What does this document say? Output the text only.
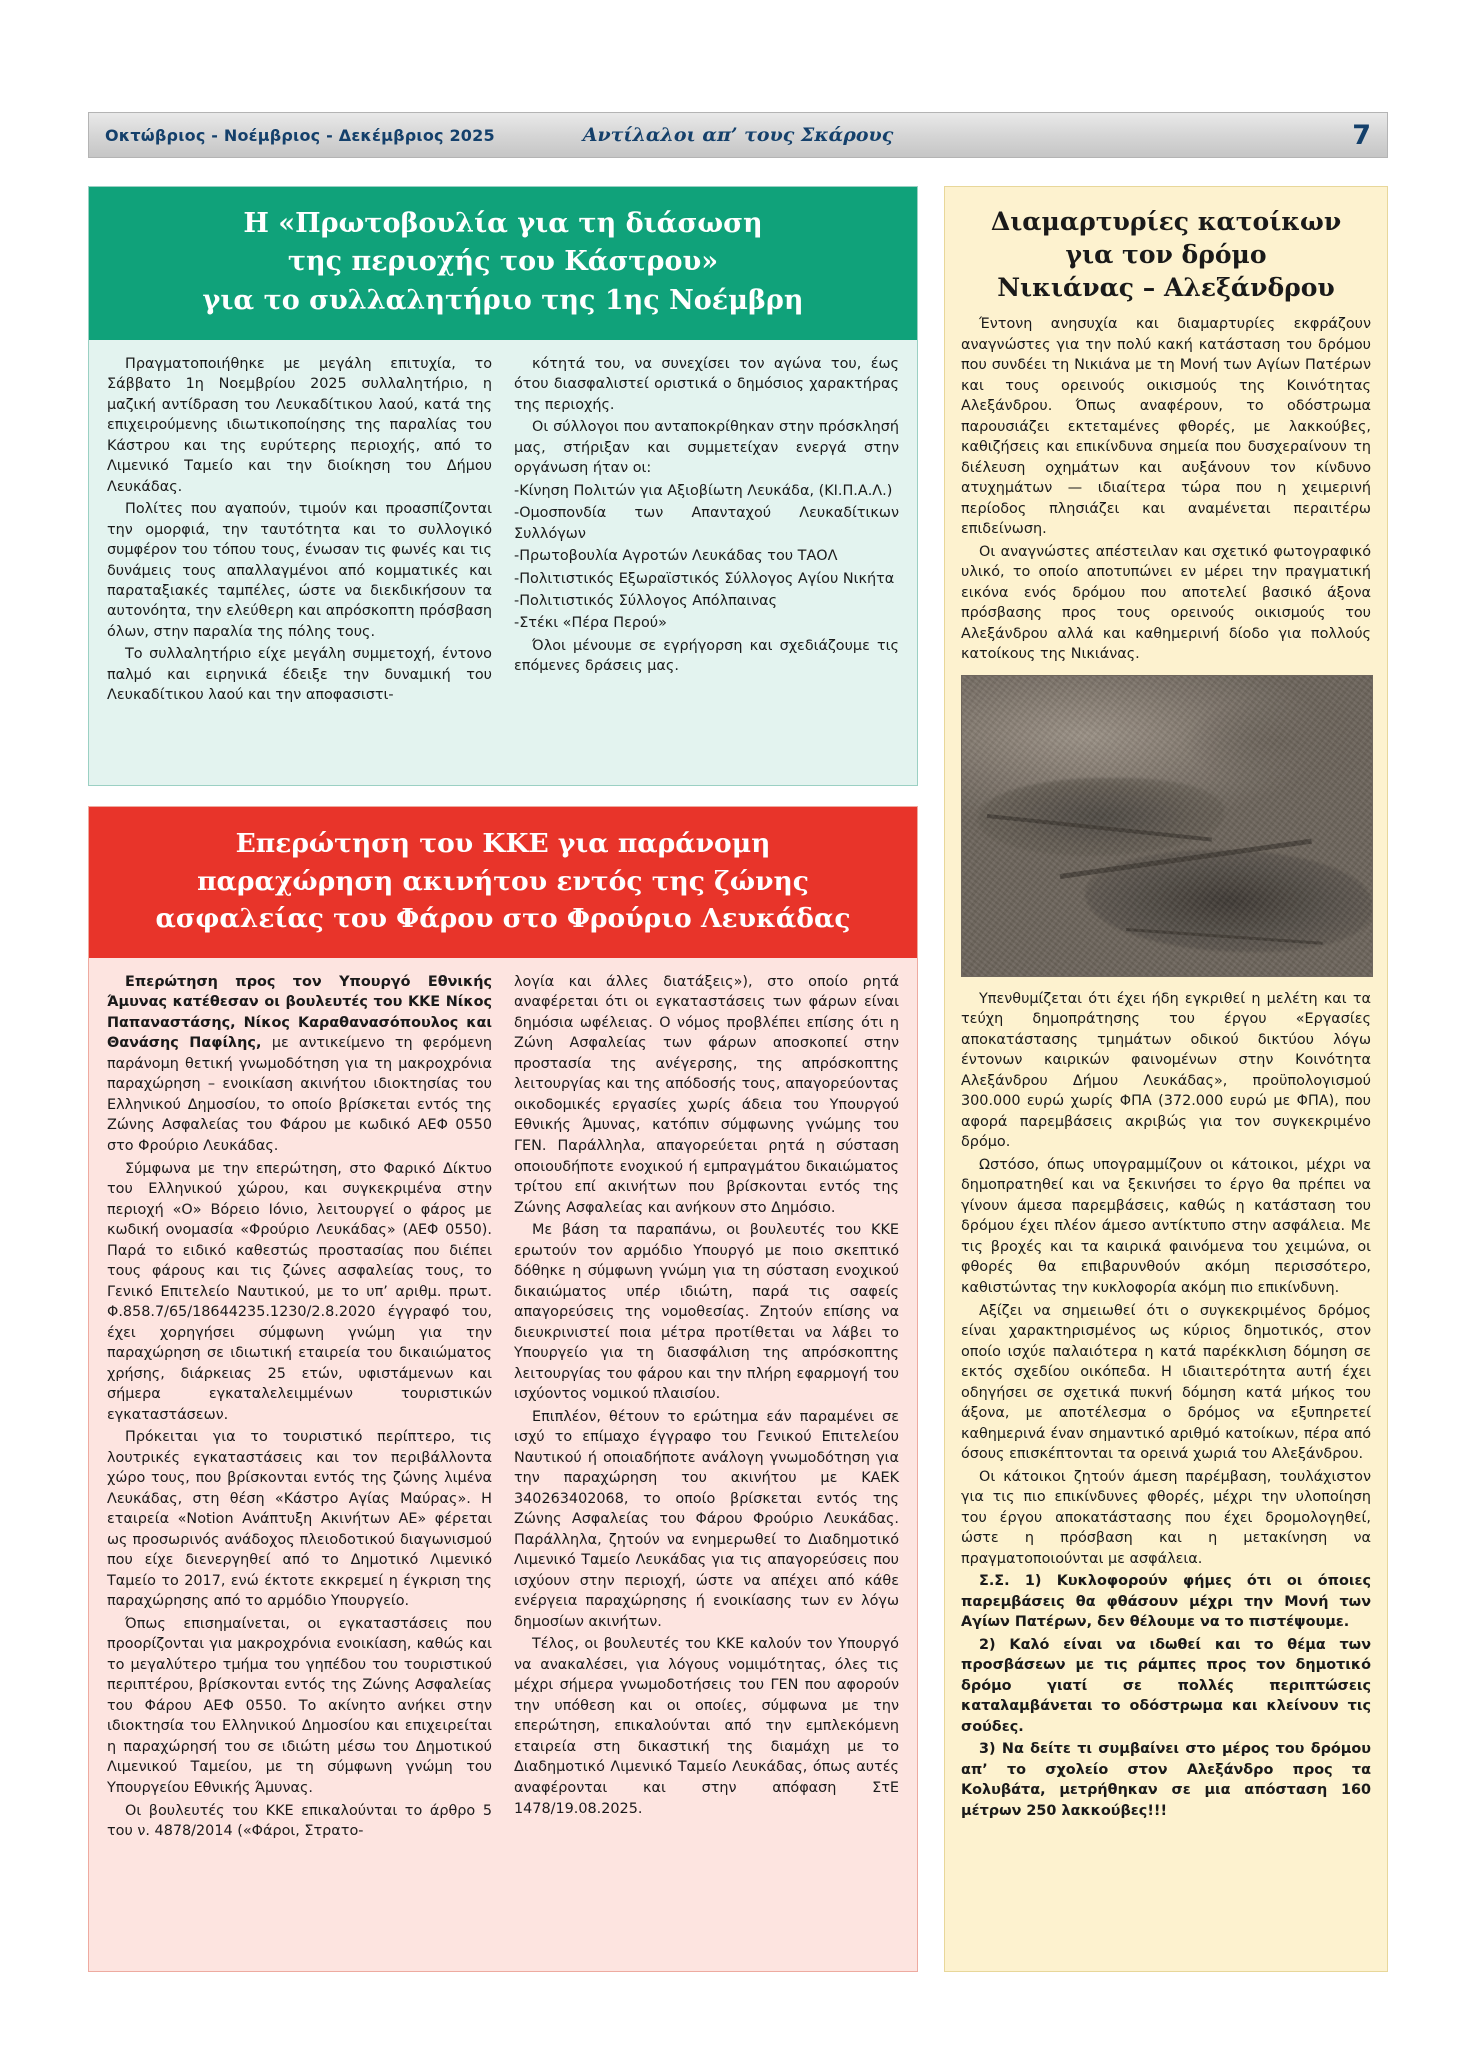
Οκτώβριος - Νοέμβριος - Δεκέμβριος 2025	Αντίλαλοι απ’ τους Σκάρους	7
Η «Πρωτοβουλία για τη διάσωση
της περιοχής του Κάστρου»
για το συλλαλητήριο της 1ης Νοέμβρη

Πραγματοποιήθηκε με μεγάλη επιτυχία, το Σάββατο 1η Νοεμβρίου 2025 συλλαλητήριο, η μαζική αντίδραση του Λευκαδίτικου λαού, κατά της επιχειρούμενης ιδιωτικοποίησης της παραλίας του Κάστρου και της ευρύτερης περιοχής, από το Λιμενικό Ταμείο και την διοίκηση του Δήμου Λευκάδας.

Πολίτες που αγαπούν, τιμούν και προασπίζονται την ομορφιά, την ταυτότητα και το συλλογικό συμφέρον του τόπου τους, ένωσαν τις φωνές και τις δυνάμεις τους απαλλαγμένοι από κομματικές και παραταξιακές ταμπέλες, ώστε να διεκδικήσουν τα αυτονόητα, την ελεύθερη και απρόσκοπτη πρόσβαση όλων, στην παραλία της πόλης τους.

Το συλλαλητήριο είχε μεγάλη συμμετοχή, έντονο παλμό και ειρηνικά έδειξε την δυναμική του Λευκαδίτικου λαού και την αποφασιστι-

κότητά του, να συνεχίσει τον αγώνα του, έως ότου διασφαλιστεί οριστικά ο δημόσιος χαρακτήρας της περιοχής.

Οι σύλλογοι που ανταποκρίθηκαν στην πρόσκλησή μας, στήριξαν και συμμετείχαν ενεργά στην οργάνωση ήταν οι:

-Κίνηση Πολιτών για Αξιοβίωτη Λευκάδα, (ΚΙ.Π.Α.Λ.)

-Ομοσπονδία των Απανταχού Λευκαδίτικων Συλλόγων

-Πρωτοβουλία Αγροτών Λευκάδας του ΤΑΟΛ

-Πολιτιστικός Εξωραϊστικός Σύλλογος Αγίου Νικήτα

-Πολιτιστικός Σύλλογος Απόλπαινας

-Στέκι «Πέρα Περού»

Όλοι μένουμε σε εγρήγορση και σχεδιάζουμε τις επόμενες δράσεις μας.

Επερώτηση του ΚΚΕ για παράνομη
παραχώρηση ακινήτου εντός της ζώνης
ασφαλείας του Φάρου στο Φρούριο Λευκάδας

Επερώτηση προς τον Υπουργό Εθνικής Άμυνας κατέθεσαν οι βουλευτές του ΚΚΕ Νίκος Παπαναστάσης, Νίκος Καραθανασόπουλος και Θανάσης Παφίλης, με αντικείμενο τη φερόμενη παράνομη θετική γνωμοδότηση για τη μακροχρόνια παραχώρηση – ενοικίαση ακινήτου ιδιοκτησίας του Ελληνικού Δημοσίου, το οποίο βρίσκεται εντός της Ζώνης Ασφαλείας του Φάρου με κωδικό ΑΕΦ 0550 στο Φρούριο Λευκάδας.

Σύμφωνα με την επερώτηση, στο Φαρικό Δίκτυο του Ελληνικού χώρου, και συγκεκριμένα στην περιοχή «Ο» Βόρειο Ιόνιο, λειτουργεί ο φάρος με κωδική ονομασία «Φρούριο Λευκάδας» (ΑΕΦ 0550). Παρά το ειδικό καθεστώς προστασίας που διέπει τους φάρους και τις ζώνες ασφαλείας τους, το Γενικό Επιτελείο Ναυτικού, με το υπ’ αριθμ. πρωτ. Φ.858.7/65/18644235.1230/2.8.2020 έγγραφό του, έχει χορηγήσει σύμφωνη γνώμη για την παραχώρηση σε ιδιωτική εταιρεία του δικαιώματος χρήσης, διάρκειας 25 ετών, υφιστάμενων και σήμερα εγκαταλελειμμένων τουριστικών εγκαταστάσεων.

Πρόκειται για το τουριστικό περίπτερο, τις λουτρικές εγκαταστάσεις και τον περιβάλλοντα χώρο τους, που βρίσκονται εντός της ζώνης λιμένα Λευκάδας, στη θέση «Κάστρο Αγίας Μαύρας». Η εταιρεία «Notion Ανάπτυξη Ακινήτων ΑΕ» φέρεται ως προσωρινός ανάδοχος πλειοδοτικού διαγωνισμού που είχε διενεργηθεί από το Δημοτικό Λιμενικό Ταμείο το 2017, ενώ έκτοτε εκκρεμεί η έγκριση της παραχώρησης από το αρμόδιο Υπουργείο.

Όπως επισημαίνεται, οι εγκαταστάσεις που προορίζονται για μακροχρόνια ενοικίαση, καθώς και το μεγαλύτερο τμήμα του γηπέδου του τουριστικού περιπτέρου, βρίσκονται εντός της Ζώνης Ασφαλείας του Φάρου ΑΕΦ 0550. Το ακίνητο ανήκει στην ιδιοκτησία του Ελληνικού Δημοσίου και επιχειρείται η παραχώρησή του σε ιδιώτη μέσω του Δημοτικού Λιμενικού Ταμείου, με τη σύμφωνη γνώμη του Υπουργείου Εθνικής Άμυνας.

Οι βουλευτές του ΚΚΕ επικαλούνται το άρθρο 5 του ν. 4878/2014 («Φάροι, Στρατο-

λογία και άλλες διατάξεις»), στο οποίο ρητά αναφέρεται ότι οι εγκαταστάσεις των φάρων είναι δημόσια ωφέλειας. Ο νόμος προβλέπει επίσης ότι η Ζώνη Ασφαλείας των φάρων αποσκοπεί στην προστασία της ανέγερσης, της απρόσκοπτης λειτουργίας και της απόδοσής τους, απαγορεύοντας οικοδομικές εργασίες χωρίς άδεια του Υπουργού Εθνικής Άμυνας, κατόπιν σύμφωνης γνώμης του ΓΕΝ. Παράλληλα, απαγορεύεται ρητά η σύσταση οποιουδήποτε ενοχικού ή εμπραγμάτου δικαιώματος τρίτου επί ακινήτων που βρίσκονται εντός της Ζώνης Ασφαλείας και ανήκουν στο Δημόσιο.

Με βάση τα παραπάνω, οι βουλευτές του ΚΚΕ ερωτούν τον αρμόδιο Υπουργό με ποιο σκεπτικό δόθηκε η σύμφωνη γνώμη για τη σύσταση ενοχικού δικαιώματος υπέρ ιδιώτη, παρά τις σαφείς απαγορεύσεις της νομοθεσίας. Ζητούν επίσης να διευκρινιστεί ποια μέτρα προτίθεται να λάβει το Υπουργείο για τη διασφάλιση της απρόσκοπτης λειτουργίας του φάρου και την πλήρη εφαρμογή του ισχύοντος νομικού πλαισίου.

Επιπλέον, θέτουν το ερώτημα εάν παραμένει σε ισχύ το επίμαχο έγγραφο του Γενικού Επιτελείου Ναυτικού ή οποιαδήποτε ανάλογη γνωμοδότηση για την παραχώρηση του ακινήτου με ΚΑΕΚ 340263402068, το οποίο βρίσκεται εντός της Ζώνης Ασφαλείας του Φάρου Φρούριο Λευκάδας. Παράλληλα, ζητούν να ενημερωθεί το Διαδημοτικό Λιμενικό Ταμείο Λευκάδας για τις απαγορεύσεις που ισχύουν στην περιοχή, ώστε να απέχει από κάθε ενέργεια παραχώρησης ή ενοικίασης των εν λόγω δημοσίων ακινήτων.

Τέλος, οι βουλευτές του ΚΚΕ καλούν τον Υπουργό να ανακαλέσει, για λόγους νομιμότητας, όλες τις μέχρι σήμερα γνωμοδοτήσεις του ΓΕΝ που αφορούν την υπόθεση και οι οποίες, σύμφωνα με την επερώτηση, επικαλούνται από την εμπλεκόμενη εταιρεία στη δικαστική της διαμάχη με το Διαδημοτικό Λιμενικό Ταμείο Λευκάδας, όπως αυτές αναφέρονται και στην απόφαση ΣτΕ 1478/19.08.2025.

Διαμαρτυρίες κατοίκων
για τον δρόμο
Νικιάνας – Αλεξάνδρου

Έντονη ανησυχία και διαμαρτυρίες εκφράζουν αναγνώστες για την πολύ κακή κατάσταση του δρόμου που συνδέει τη Νικιάνα με τη Μονή των Αγίων Πατέρων και τους ορεινούς οικισμούς της Κοινότητας Αλεξάνδρου. Όπως αναφέρουν, το οδόστρωμα παρουσιάζει εκτεταμένες φθορές, με λακκούβες, καθιζήσεις και επικίνδυνα σημεία που δυσχεραίνουν τη διέλευση οχημάτων και αυξάνουν τον κίνδυνο ατυχημάτων — ιδιαίτερα τώρα που η χειμερινή περίοδος πλησιάζει και αναμένεται περαιτέρω επιδείνωση.

Οι αναγνώστες απέστειλαν και σχετικό φωτογραφικό υλικό, το οποίο αποτυπώνει εν μέρει την πραγματική εικόνα ενός δρόμου που αποτελεί βασικό άξονα πρόσβασης προς τους ορεινούς οικισμούς του Αλεξάνδρου αλλά και καθημερινή δίοδο για πολλούς κατοίκους της Νικιάνας.

Υπενθυμίζεται ότι έχει ήδη εγκριθεί η μελέτη και τα τεύχη δημοπράτησης του έργου «Εργασίες αποκατάστασης τμημάτων οδικού δικτύου λόγω έντονων καιρικών φαινομένων στην Κοινότητα Αλεξάνδρου Δήμου Λευκάδας», προϋπολογισμού 300.000 ευρώ χωρίς ΦΠΑ (372.000 ευρώ με ΦΠΑ), που αφορά παρεμβάσεις ακριβώς για τον συγκεκριμένο δρόμο.

Ωστόσο, όπως υπογραμμίζουν οι κάτοικοι, μέχρι να δημοπρατηθεί και να ξεκινήσει το έργο θα πρέπει να γίνουν άμεσα παρεμβάσεις, καθώς η κατάσταση του δρόμου έχει πλέον άμεσο αντίκτυπο στην ασφάλεια. Με τις βροχές και τα καιρικά φαινόμενα του χειμώνα, οι φθορές θα επιβαρυνθούν ακόμη περισσότερο, καθιστώντας την κυκλοφορία ακόμη πιο επικίνδυνη.

Αξίζει να σημειωθεί ότι ο συγκεκριμένος δρόμος είναι χαρακτηρισμένος ως κύριος δημοτικός, στον οποίο ισχύε παλαιότερα η κατά παρέκκλιση δόμηση σε εκτός σχεδίου οικόπεδα. Η ιδιαιτερότητα αυτή έχει οδηγήσει σε σχετικά πυκνή δόμηση κατά μήκος του άξονα, με αποτέλεσμα ο δρόμος να εξυπηρετεί καθημερινά έναν σημαντικό αριθμό κατοίκων, πέρα από όσους επισκέπτονται τα ορεινά χωριά του Αλεξάνδρου.

Οι κάτοικοι ζητούν άμεση παρέμβαση, τουλάχιστον για τις πιο επικίνδυνες φθορές, μέχρι την υλοποίηση του έργου αποκατάστασης που έχει δρομολογηθεί, ώστε η πρόσβαση και η μετακίνηση να πραγματοποιούνται με ασφάλεια.

Σ.Σ. 1) Κυκλοφορούν φήμες ότι οι όποιες παρεμβάσεις θα φθάσουν μέχρι την Μονή των Αγίων Πατέρων, δεν θέλουμε να το πιστέψουμε.

2) Καλό είναι να ιδωθεί και το θέμα των προσβάσεων με τις ράμπες προς τον δημοτικό δρόμο γιατί σε πολλές περιπτώσεις καταλαμβάνεται το οδόστρωμα και κλείνουν τις σούδες.

3) Να δείτε τι συμβαίνει στο μέρος του δρόμου απ’ το σχολείο στον Αλεξάνδρο προς τα Κολυβάτα, μετρήθηκαν σε μια απόσταση 160 μέτρων 250 λακκούβες!!!
